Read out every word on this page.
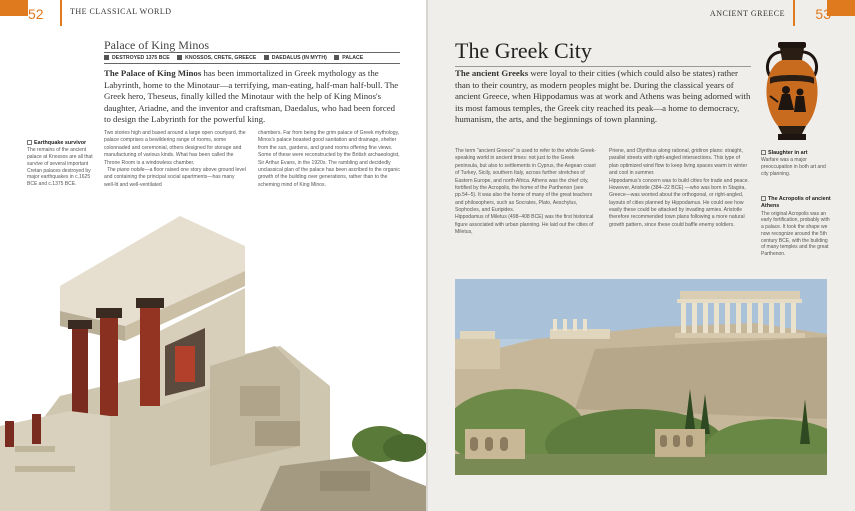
52	THE CLASSICAL WORLD
Palace of King Minos
DESTROYED 1375 BCE	KNOSSOS, CRETE, GREECE	DAEDALUS (IN MYTH)	PALACE
The Palace of King Minos has been immortalized in Greek mythology as the Labyrinth, home to the Minotaur—a terrifying, man-eating, half-man half-bull. The Greek hero, Theseus, finally killed the Minotaur with the help of King Minos's daughter, Ariadne, and the inventor and craftsman, Daedalus, who had been forced to design the Labyrinth for the powerful king.
Earthquake survivor
The remains of the ancient palace at Knossos are all that survive of several important Cretan palaces destroyed by major earthquakes in c.1625 BCE and c.1375 BCE.
Two stories high and based around a large open courtyard, the palace comprises a bewildering range of rooms, some colonnaded and ceremonial, others designed for storage and manufacturing of various kinds. What has been called the Throne Room is a windowless chamber.
The piano nobile—a floor raised one story above ground level and containing the principal social apartments—has many well-lit and well-ventilated
chambers. Far from being the grim palace of Greek mythology, Minos's palace boasted good sanitation and drainage, shelter from the sun, gardens, and grand rooms offering fine views. Some of these were reconstructed by the British archaeologist, Sir Arthur Evans, in the 1920s. The rambling and decidedly unclassical plan of the palace has been ascribed to the organic growth of the building over generations, rather than to the scheming mind of King Minos.
ANCIENT GREECE	53
The Greek City
The ancient Greeks were loyal to their cities (which could also be states) rather than to their country, as modern peoples might be. During the classical years of ancient Greece, when Hippodamus was at work and Athens was being adorned with its most famous temples, the Greek city reached its peak—a home to democracy, humanism, the arts, and the beginnings of town planning.
The term "ancient Greece" is used to refer to the whole Greek-speaking world in ancient times: not just to the Greek peninsula, but also to settlements in Cyprus, the Aegean coast of Turkey, Sicily, southern Italy, across further stretches of Eastern Europe, and north Africa. Athens was the chief city, fortified by the Acropolis, the home of the Parthenon (see pp.54–5). It was also the home of many of the great teachers and philosophers, such as Socrates, Plato, Aeschylus, Sophocles, and Euripides.
Hippodamus of Miletus (498–408 BCE) was the first historical figure associated with urban planning. He laid out the cities of Miletus,
Priene, and Olynthus along rational, gridiron plans: straight, parallel streets with right-angled intersections. This type of plan optimized wind flow to keep living spaces warm in winter and cool in summer.
Hippodamus's concern was to build cities for trade and peace. However, Aristotle (384–22 BCE) —who was born in Stagira, Greece—was worried about the orthogonal, or right-angled, layouts of cities planned by Hippodamus. He could see how easily these could be attacked by invading armies. Aristotle therefore recommended town plans following a more natural growth pattern, since these could baffle enemy soldiers.
Slaughter in art
Warfare was a major preoccupation in both art and city planning.
The Acropolis of ancient Athens
The original Acropolis was an early fortification, probably with a palace. It took the shape we now recognize around the 5th century BCE, with the building of many temples and the great Parthenon.
